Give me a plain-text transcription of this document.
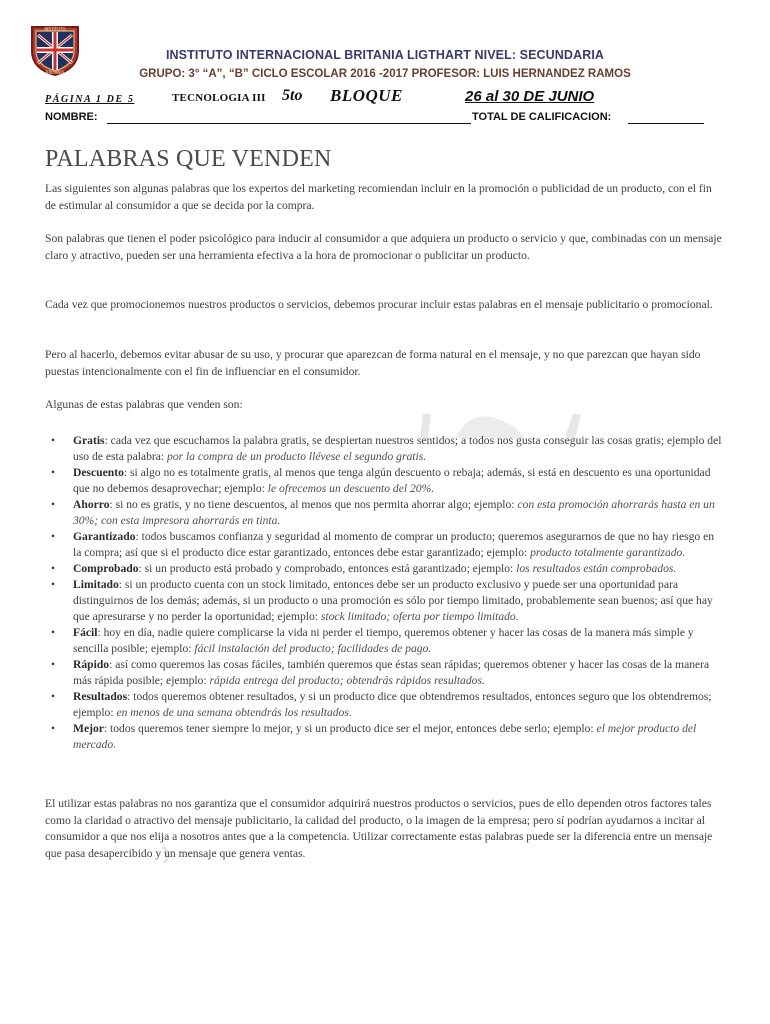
INSTITUTO
BRITANIA
INSTITUTO INTERNACIONAL BRITANIA LIGTHART NIVEL: SECUNDARIA
GRUPO: 3° “A”, “B” CICLO ESCOLAR 2016 -2017 PROFESOR: LUIS HERNANDEZ RAMOS
PÁGINA 1 DE 5	TECNOLOGIA III 5to BLOQUE	26 al 30 DE JUNIO
NOMBRE:	TOTAL DE CALIFICACION:
PALABRAS QUE VENDEN

Las siguientes son algunas palabras que los expertos del marketing recomiendan incluir en la promoción o publicidad de un producto, con el fin de estimular al consumidor a que se decida por la compra.

Son palabras que tienen el poder psicológico para inducir al consumidor a que adquiera un producto o servicio y que, combinadas con un mensaje claro y atractivo, pueden ser una herramienta efectiva a la hora de promocionar o publicitar un producto.

Cada vez que promocionemos nuestros productos o servicios, debemos procurar incluir estas palabras en el mensaje publicitario o promocional.

Pero al hacerlo, debemos evitar abusar de su uso, y procurar que aparezcan de forma natural en el mensaje, y no que parezcan que hayan sido puestas intencionalmente con el fin de influenciar en el consumidor.

Algunas de estas palabras que venden son:

• Gratis: cada vez que escuchamos la palabra gratis, se despiertan nuestros sentidos; a todos nos gusta conseguir las cosas gratis; ejemplo del uso de esta palabra: por la compra de un producto llévese el segundo gratis.
• Descuento: si algo no es totalmente gratis, al menos que tenga algún descuento o rebaja; además, si está en descuento es una oportunidad que no debemos desaprovechar; ejemplo: le ofrecemos un descuento del 20%.
• Ahorro: si no es gratis, y no tiene descuentos, al menos que nos permita ahorrar algo; ejemplo: con esta promoción ahorrarás hasta en un 30%; con esta impresora ahorrarás en tinta.
• Garantizado: todos buscamos confianza y seguridad al momento de comprar un producto; queremos asegurarnos de que no hay riesgo en la compra; así que si el producto dice estar garantizado, entonces debe estar garantizado; ejemplo: producto totalmente garantizado.
• Comprobado: si un producto está probado y comprobado, entonces está garantizado; ejemplo: los resultados están comprobados.
• Limitado: si un producto cuenta con un stock limitado, entonces debe ser un producto exclusivo y puede ser una oportunidad para distinguirnos de los demás; además, si un producto o una promoción es sólo por tiempo limitado, probablemente sean buenos; así que hay que apresurarse y no perder la oportunidad; ejemplo: stock limitado; oferta por tiempo limitado.
• Fácil: hoy en día, nadie quiere complicarse la vida ni perder el tiempo, queremos obtener y hacer las cosas de la manera más simple y sencilla posible; ejemplo: fácil instalación del producto; facilidades de pago.
• Rápido: así como queremos las cosas fáciles, también queremos que éstas sean rápidas; queremos obtener y hacer las cosas de la manera más rápida posible; ejemplo: rápida entrega del producto; obtendrás rápidos resultados.
• Resultados: todos queremos obtener resultados, y si un producto dice que obtendremos resultados, entonces seguro que los obtendremos; ejemplo: en menos de una semana obtendrás los resultados.
• Mejor: todos queremos tener siempre lo mejor, y si un producto dice ser el mejor, entonces debe serlo; ejemplo: el mejor producto del mercado.

El utilizar estas palabras no nos garantiza que el consumidor adquirirá nuestros productos o servicios, pues de ello dependen otros factores tales como la claridad o atractivo del mensaje publicitario, la calidad del producto, o la imagen de la empresa; pero sí podrían ayudarnos a incitar al consumidor a que nos elija a nosotros antes que a la competencia. Utilizar correctamente estas palabras puede ser la diferencia entre un mensaje que pasa desapercibido y un mensaje que genera ventas.
